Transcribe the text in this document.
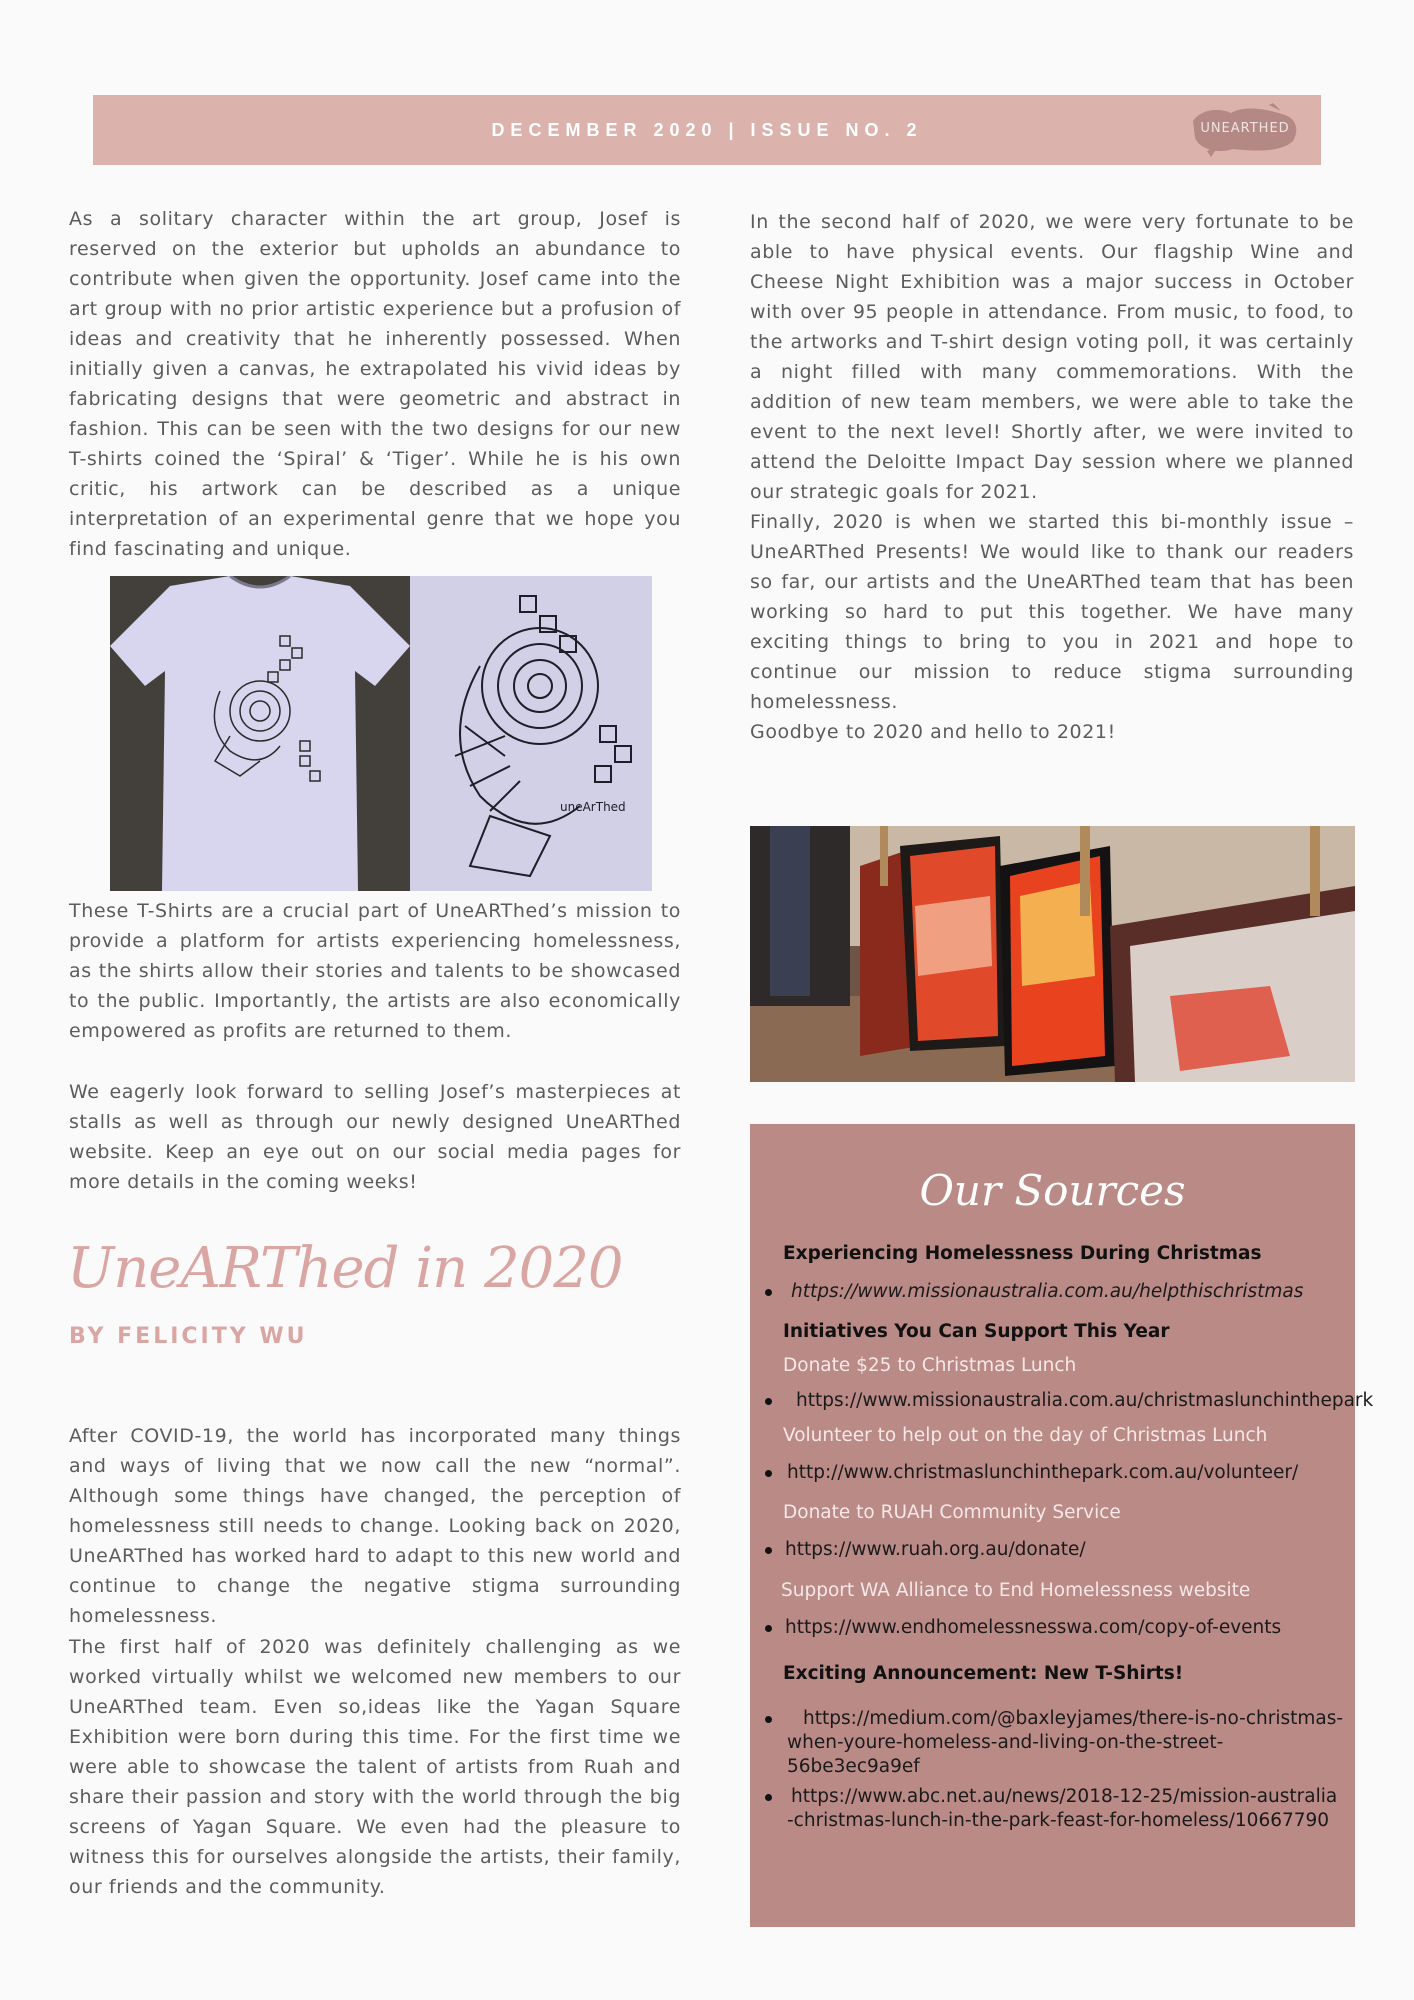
DECEMBER 2020 | ISSUE NO. 2	UNEARTHED

As a solitary character within the art group, Josef is reserved on the exterior but upholds an abundance to contribute when given the opportunity. Josef came into the art group with no prior artistic experience but a profusion of ideas and creativity that he inherently possessed. When initially given a canvas, he extrapolated his vivid ideas by fabricating designs that were geometric and abstract in fashion. This can be seen with the two designs for our new T-shirts coined the ‘Spiral’ & ‘Tiger’. While he is his own critic, his artwork can be described as a unique interpretation of an experimental genre that we hope you find fascinating and unique.

uneArThed

These T-Shirts are a crucial part of UneARThed’s mission to provide a platform for artists experiencing homelessness, as the shirts allow their stories and talents to be showcased to the public. Importantly, the artists are also economically empowered as profits are returned to them.

We eagerly look forward to selling Josef’s masterpieces at stalls as well as through our newly designed UneARThed website. Keep an eye out on our social media pages for more details in the coming weeks!

UneARThed in 2020

BY FELICITY WU

After COVID-19, the world has incorporated many things and ways of living that we now call the new “normal”. Although some things have changed, the perception of homelessness still needs to change. Looking back on 2020, UneARThed has worked hard to adapt to this new world and continue to change the negative stigma surrounding homelessness.

The first half of 2020 was definitely challenging as we worked virtually whilst we welcomed new members to our UneARThed team. Even so,ideas like the Yagan Square Exhibition were born during this time. For the first time we were able to showcase the talent of artists from Ruah and share their passion and story with the world through the big screens of Yagan Square. We even had the pleasure to witness this for ourselves alongside the artists, their family, our friends and the community.

In the second half of 2020, we were very fortunate to be able to have physical events. Our flagship Wine and Cheese Night Exhibition was a major success in October with over 95 people in attendance. From music, to food, to the artworks and T-shirt design voting poll, it was certainly a night filled with many commemorations. With the addition of new team members, we were able to take the event to the next level! Shortly after, we were invited to attend the Deloitte Impact Day session where we planned our strategic goals for 2021.

Finally, 2020 is when we started this bi-monthly issue – UneARThed Presents! We would like to thank our readers so far, our artists and the UneARThed team that has been working so hard to put this together. We have many exciting things to bring to you in 2021 and hope to continue our mission to reduce stigma surrounding homelessness.

Goodbye to 2020 and hello to 2021!

Our Sources

Experiencing Homelessness During Christmas

https://www.missionaustralia.com.au/helpthischristmas

Initiatives You Can Support This Year

Donate $25 to Christmas Lunch

https://www.missionaustralia.com.au/christmaslunchinthepark

Volunteer to help out on the day of Christmas Lunch

http://www.christmaslunchinthepark.com.au/volunteer/

Donate to RUAH Community Service

https://www.ruah.org.au/donate/

Support WA Alliance to End Homelessness website

https://www.endhomelessnesswa.com/copy-of-events

Exciting Announcement: New T-Shirts!

https://medium.com/@baxleyjames/there-is-no-christmas-

when-youre-homeless-and-living-on-the-street-56be3ec9a9ef

https://www.abc.net.au/news/2018-12-25/mission-australia

-christmas-lunch-in-the-park-feast-for-homeless/10667790
